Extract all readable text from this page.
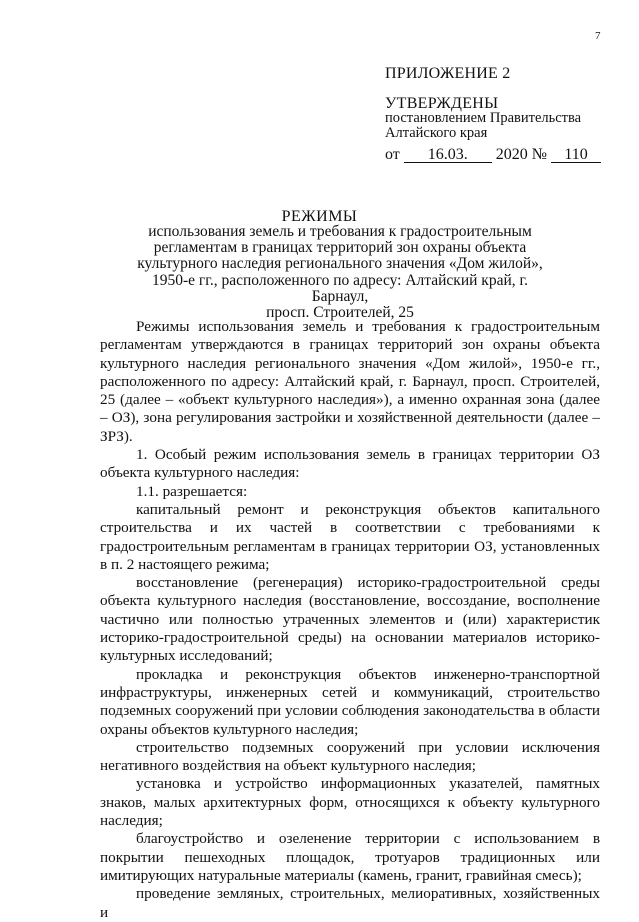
7
ПРИЛОЖЕНИЕ 2
УТВЕРЖДЕНЫ
постановлением Правительства
Алтайского края
от 16.03. 2020 № 110
РЕЖИМЫ
использования земель и требования к градостроительным
регламентам в границах территорий зон охраны объекта
культурного наследия регионального значения «Дом жилой»,
1950-е гг., расположенного по адресу: Алтайский край, г. Барнаул,
просп. Строителей, 25

Режимы использования земель и требования к градостроительным регламентам утверждаются в границах территорий зон охраны объекта культурного наследия регионального значения «Дом жилой», 1950-е гг., расположенного по адресу: Алтайский край, г. Барнаул, просп. Строителей, 25 (далее – «объект культурного наследия»), а именно охранная зона (далее – ОЗ), зона регулирования застройки и хозяйственной деятельности (далее – ЗРЗ).

1. Особый режим использования земель в границах территории ОЗ объекта культурного наследия:

1.1. разрешается:

капитальный ремонт и реконструкция объектов капитального строительства и их частей в соответствии с требованиями к градостроительным регламентам в границах территории ОЗ, установленных в п. 2 настоящего режима;

восстановление (регенерация) историко-градостроительной среды объекта культурного наследия (восстановление, воссоздание, восполнение частично или полностью утраченных элементов и (или) характеристик историко-градостроительной среды) на основании материалов историко-культурных исследований;

прокладка и реконструкция объектов инженерно-транспортной инфраструктуры, инженерных сетей и коммуникаций, строительство подземных сооружений при условии соблюдения законодательства в области охраны объектов культурного наследия;

строительство подземных сооружений при условии исключения негативного воздействия на объект культурного наследия;

установка и устройство информационных указателей, памятных знаков, малых архитектурных форм, относящихся к объекту культурного наследия;

благоустройство и озеленение территории с использованием в покрытии пешеходных площадок, тротуаров традиционных или имитирующих натуральные материалы (камень, гранит, гравийная смесь);

проведение земляных, строительных, мелиоративных, хозяйственных и
